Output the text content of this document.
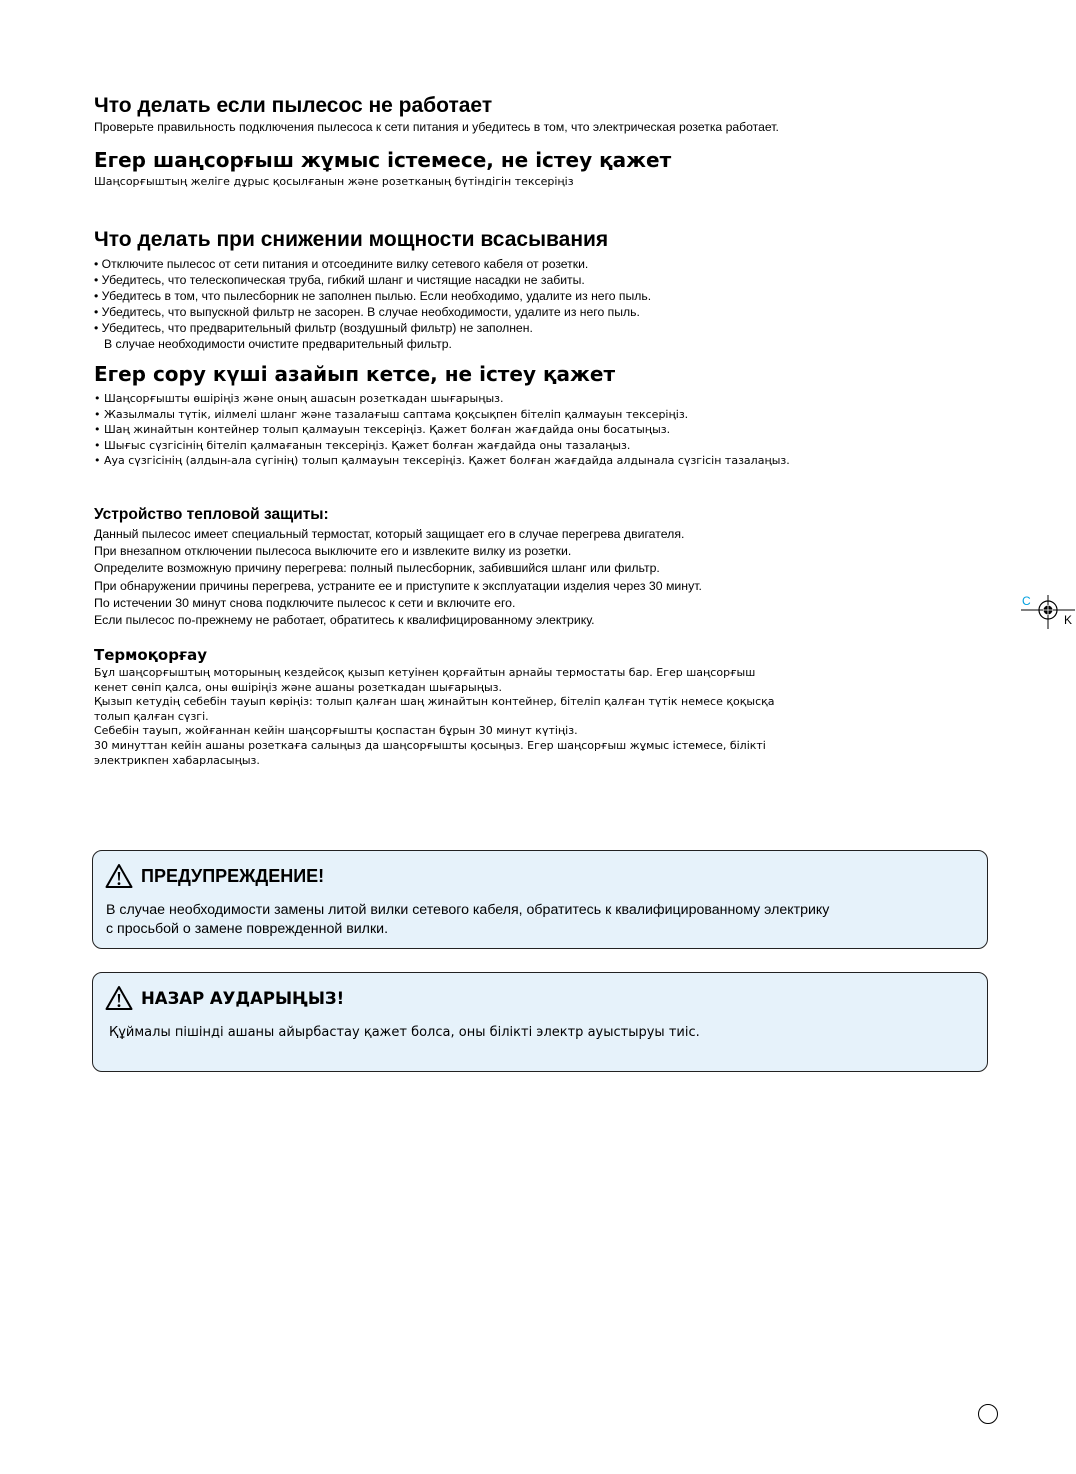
Что делать если пылесос не работает

Проверьте правильность подключения пылесоса к сети питания и убедитесь в том, что электрическая розетка работает.

Егер шаңсорғыш жұмыс істемесе, не істеу қажет

Шаңсорғыштың желіге дұрыс қосылғанын және розетканың бүтіндігін тексеріңіз

Что делать при снижении мощности всасывания
• Отключите пылесос от сети питания и отсоедините вилку сетевого кабеля от розетки.
• Убедитесь, что телескопическая труба, гибкий шланг и чистящие насадки не забиты.
• Убедитесь в том, что пылесборник не заполнен пылью. Если необходимо, удалите из него пыль.
• Убедитесь, что выпускной фильтр не засорен. В случае необходимости, удалите из него пыль.
• Убедитесь, что предварительный фильтр (воздушный фильтр) не заполнен.
В случае необходимости очистите предварительный фильтр.
Егер сору күші азайып кетсе, не істеу қажет
• Шаңсорғышты өшіріңіз және оның ашасын розеткадан шығарыңыз.
• Жазылмалы түтік, иілмелі шланг және тазалағыш саптама қоқсықпен бітеліп қалмауын тексеріңіз.
• Шаң жинайтын контейнер толып қалмауын тексеріңіз. Қажет болған жағдайда оны босатыңыз.
• Шығыс сүзгісінің бітеліп қалмағанын тексеріңіз. Қажет болған жағдайда оны тазалаңыз.
• Ауа сүзгісінің (алдын-ала сүгінің) толып қалмауын тексеріңіз. Қажет болған жағдайда алдынала сүзгісін тазалаңыз.
Устройство тепловой защиты:
Данный пылесос имеет специальный термостат, который защищает его в случае перегрева двигателя.
При внезапном отключении пылесоса выключите его и извлеките вилку из розетки.
Определите возможную причину перегрева: полный пылесборник, забившийся шланг или фильтр.
При обнаружении причины перегрева, устраните ее и приступите к эксплуатации изделия через 30 минут.
По истечении 30 минут снова подключите пылесос к сети и включите его.
Если пылесос по-прежнему не работает, обратитесь к квалифицированному электрику.
Термоқорғау
Бұл шаңсорғыштың моторының кездейсоқ қызып кетуінен қорғайтын арнайы термостаты бар. Егер шаңсорғыш
кенет сөніп қалса, оны өшіріңіз және ашаны розеткадан шығарыңыз.
Қызып кетудің себебін тауып көріңіз: толып қалған шаң жинайтын контейнер, бітеліп қалған түтік немесе қоқысқа
толып қалған сүзгі.
Себебін тауып, жойғаннан кейін шаңсорғышты қоспастан бұрын 30 минут күтіңіз.
30 минуттан кейін ашаны розеткаға салыңыз да шаңсорғышты қосыңыз. Егер шаңсорғыш жұмыс істемесе, білікті
электрикпен хабарласыңыз.
ПРЕДУПРЕЖДЕНИЕ!
В случае необходимости замены литой вилки сетевого кабеля, обратитесь к квалифицированному электрику
с просьбой о замене поврежденной вилки.
НАЗАР АУДАРЫҢЫЗ!
Құймалы пішінді ашаны айырбастау қажет болса, оны білікті электр ауыстыруы тиіс.
C
K
